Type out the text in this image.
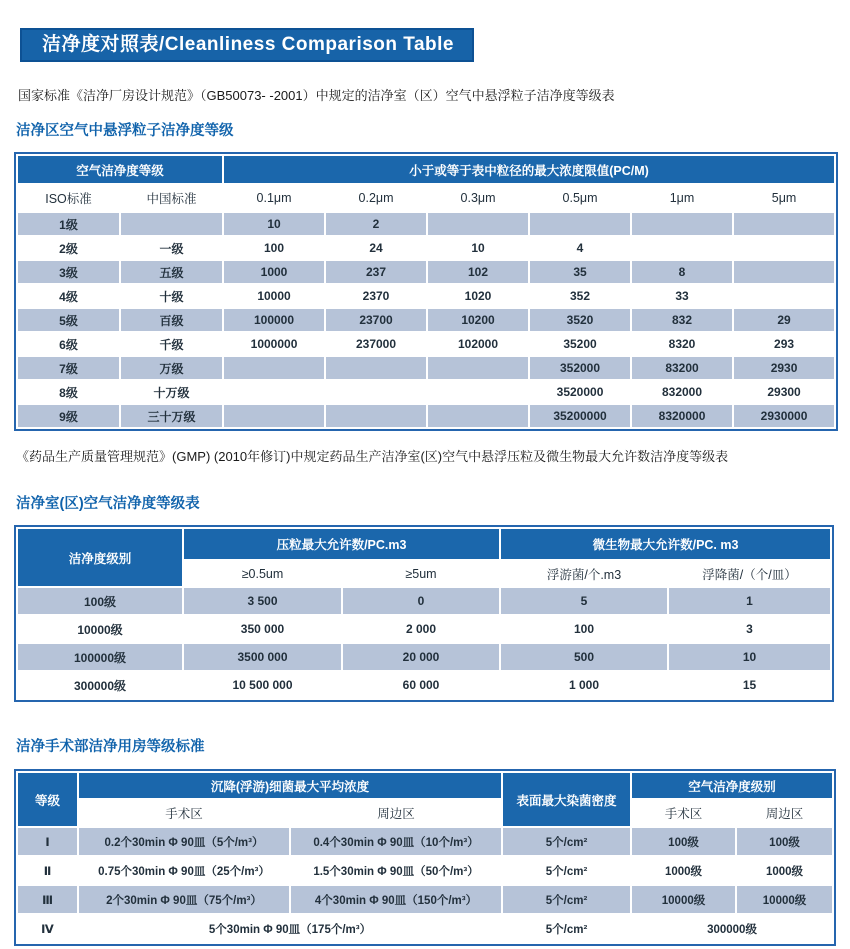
洁净度对照表/Cleanliness Comparison Table
国家标准《洁净厂房设计规范》（GB50073- -2001）中规定的洁净室（区）空气中悬浮粒子洁净度等级表
洁净区空气中悬浮粒子洁净度等级
空气洁净度等级		小于或等于表中粒径的最大浓度限值(PC/M)					
ISO标准	中国标准	0.1μm	0.2μm	0.3μm	0.5μm	1μm	5μm
1级		10	2				
2级	一级	100	24	10	4		
3级	五级	1000	237	102	35	8	
4级	十级	10000	2370	1020	352	33	
5级	百级	100000	23700	10200	3520	832	29
6级	千级	1000000	237000	102000	35200	8320	293
7级	万级				352000	83200	2930
8级	十万级				3520000	832000	29300
9级	三十万级				35200000	8320000	2930000
《药品生产质量管理规范》(GMP) (2010年修订)中规定药品生产洁净室(区)空气中悬浮压粒及微生物最大允许数洁净度等级表
洁净室(区)空气洁净度等级表
洁净度级别	压粒最大允许数/PC.m3		微生物最大允许数/PC. m3	
	≥0.5um	≥5um	浮游菌/个.m3	浮降菌/（个/皿）
100级	3 500	0	5	1
10000级	350 000	2 000	100	3
100000级	3500 000	20 000	500	10
300000级	10 500 000	60 000	1 000	15
洁净手术部洁净用房等级标准
等级	沉降(浮游)细菌最大平均浓度		表面最大染菌密度	空气洁净度级别	
	手术区	周边区		手术区	周边区
Ⅰ	0.2个30min Φ 90皿（5个/m³）	0.4个30min Φ 90皿（10个/m³）	5个/cm²	100级	100级
Ⅱ	0.75个30min Φ 90皿（25个/m³）	1.5个30min Φ 90皿（50个/m³）	5个/cm²	1000级	1000级
Ⅲ	2个30min Φ 90皿（75个/m³）	4个30min Φ 90皿（150个/m³）	5个/cm²	10000级	10000级
Ⅳ	5个30min Φ 90皿（175个/m³）		5个/cm²	300000级	
